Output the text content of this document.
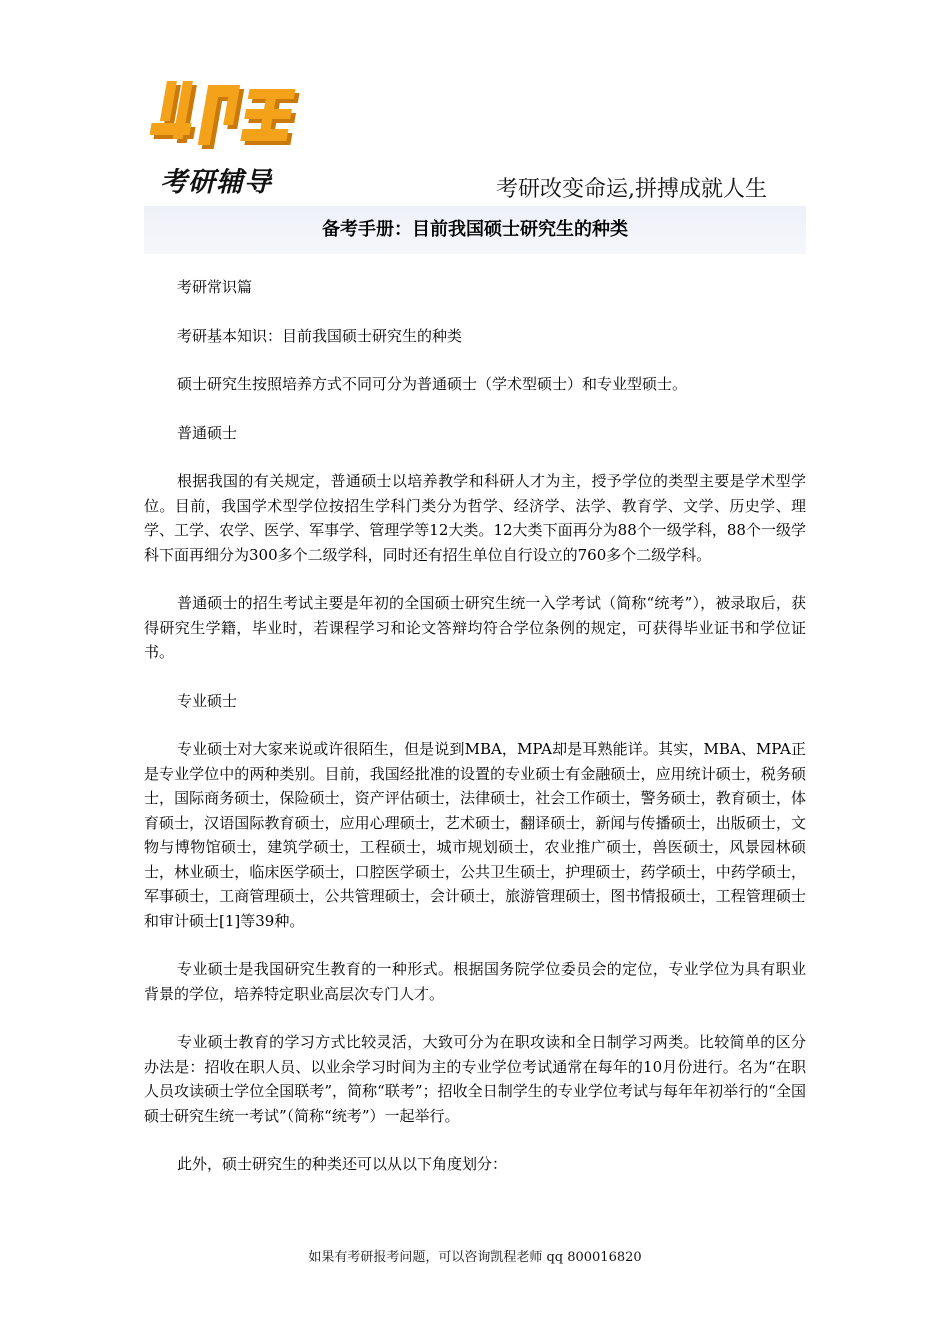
考研辅导	考研改变命运,拼搏成就人生
备考手册：目前我国硕士研究生的种类

考研常识篇

考研基本知识：目前我国硕士研究生的种类

硕士研究生按照培养方式不同可分为普通硕士（学术型硕士）和专业型硕士。

普通硕士

根据我国的有关规定，普通硕士以培养教学和科研人才为主，授予学位的类型主要是学术型学位。目前，我国学术型学位按招生学科门类分为哲学、经济学、法学、教育学、文学、历史学、理学、工学、农学、医学、军事学、管理学等12大类。12大类下面再分为88个一级学科，88个一级学科下面再细分为300多个二级学科，同时还有招生单位自行设立的760多个二级学科。

普通硕士的招生考试主要是年初的全国硕士研究生统一入学考试（简称“统考”），被录取后，获得研究生学籍，毕业时，若课程学习和论文答辩均符合学位条例的规定，可获得毕业证书和学位证书。

专业硕士

专业硕士对大家来说或许很陌生，但是说到MBA，MPA却是耳熟能详。其实，MBA、MPA正是专业学位中的两种类别。目前，我国经批准的设置的专业硕士有金融硕士，应用统计硕士，税务硕士，国际商务硕士，保险硕士，资产评估硕士，法律硕士，社会工作硕士，警务硕士，教育硕士，体育硕士，汉语国际教育硕士，应用心理硕士，艺术硕士，翻译硕士，新闻与传播硕士，出版硕士，文物与博物馆硕士，建筑学硕士，工程硕士，城市规划硕士，农业推广硕士，兽医硕士，风景园林硕士，林业硕士，临床医学硕士，口腔医学硕士，公共卫生硕士，护理硕士，药学硕士，中药学硕士，军事硕士，工商管理硕士，公共管理硕士，会计硕士，旅游管理硕士，图书情报硕士，工程管理硕士和审计硕士[1]等39种。

专业硕士是我国研究生教育的一种形式。根据国务院学位委员会的定位，专业学位为具有职业背景的学位，培养特定职业高层次专门人才。

专业硕士教育的学习方式比较灵活，大致可分为在职攻读和全日制学习两类。比较简单的区分办法是：招收在职人员、以业余学习时间为主的专业学位考试通常在每年的10月份进行。名为“在职人员攻读硕士学位全国联考”，简称“联考”；招收全日制学生的专业学位考试与每年年初举行的“全国硕士研究生统一考试”（简称“统考”）一起举行。

此外，硕士研究生的种类还可以从以下角度划分：

如果有考研报考问题，可以咨询凯程老师 qq 800016820
